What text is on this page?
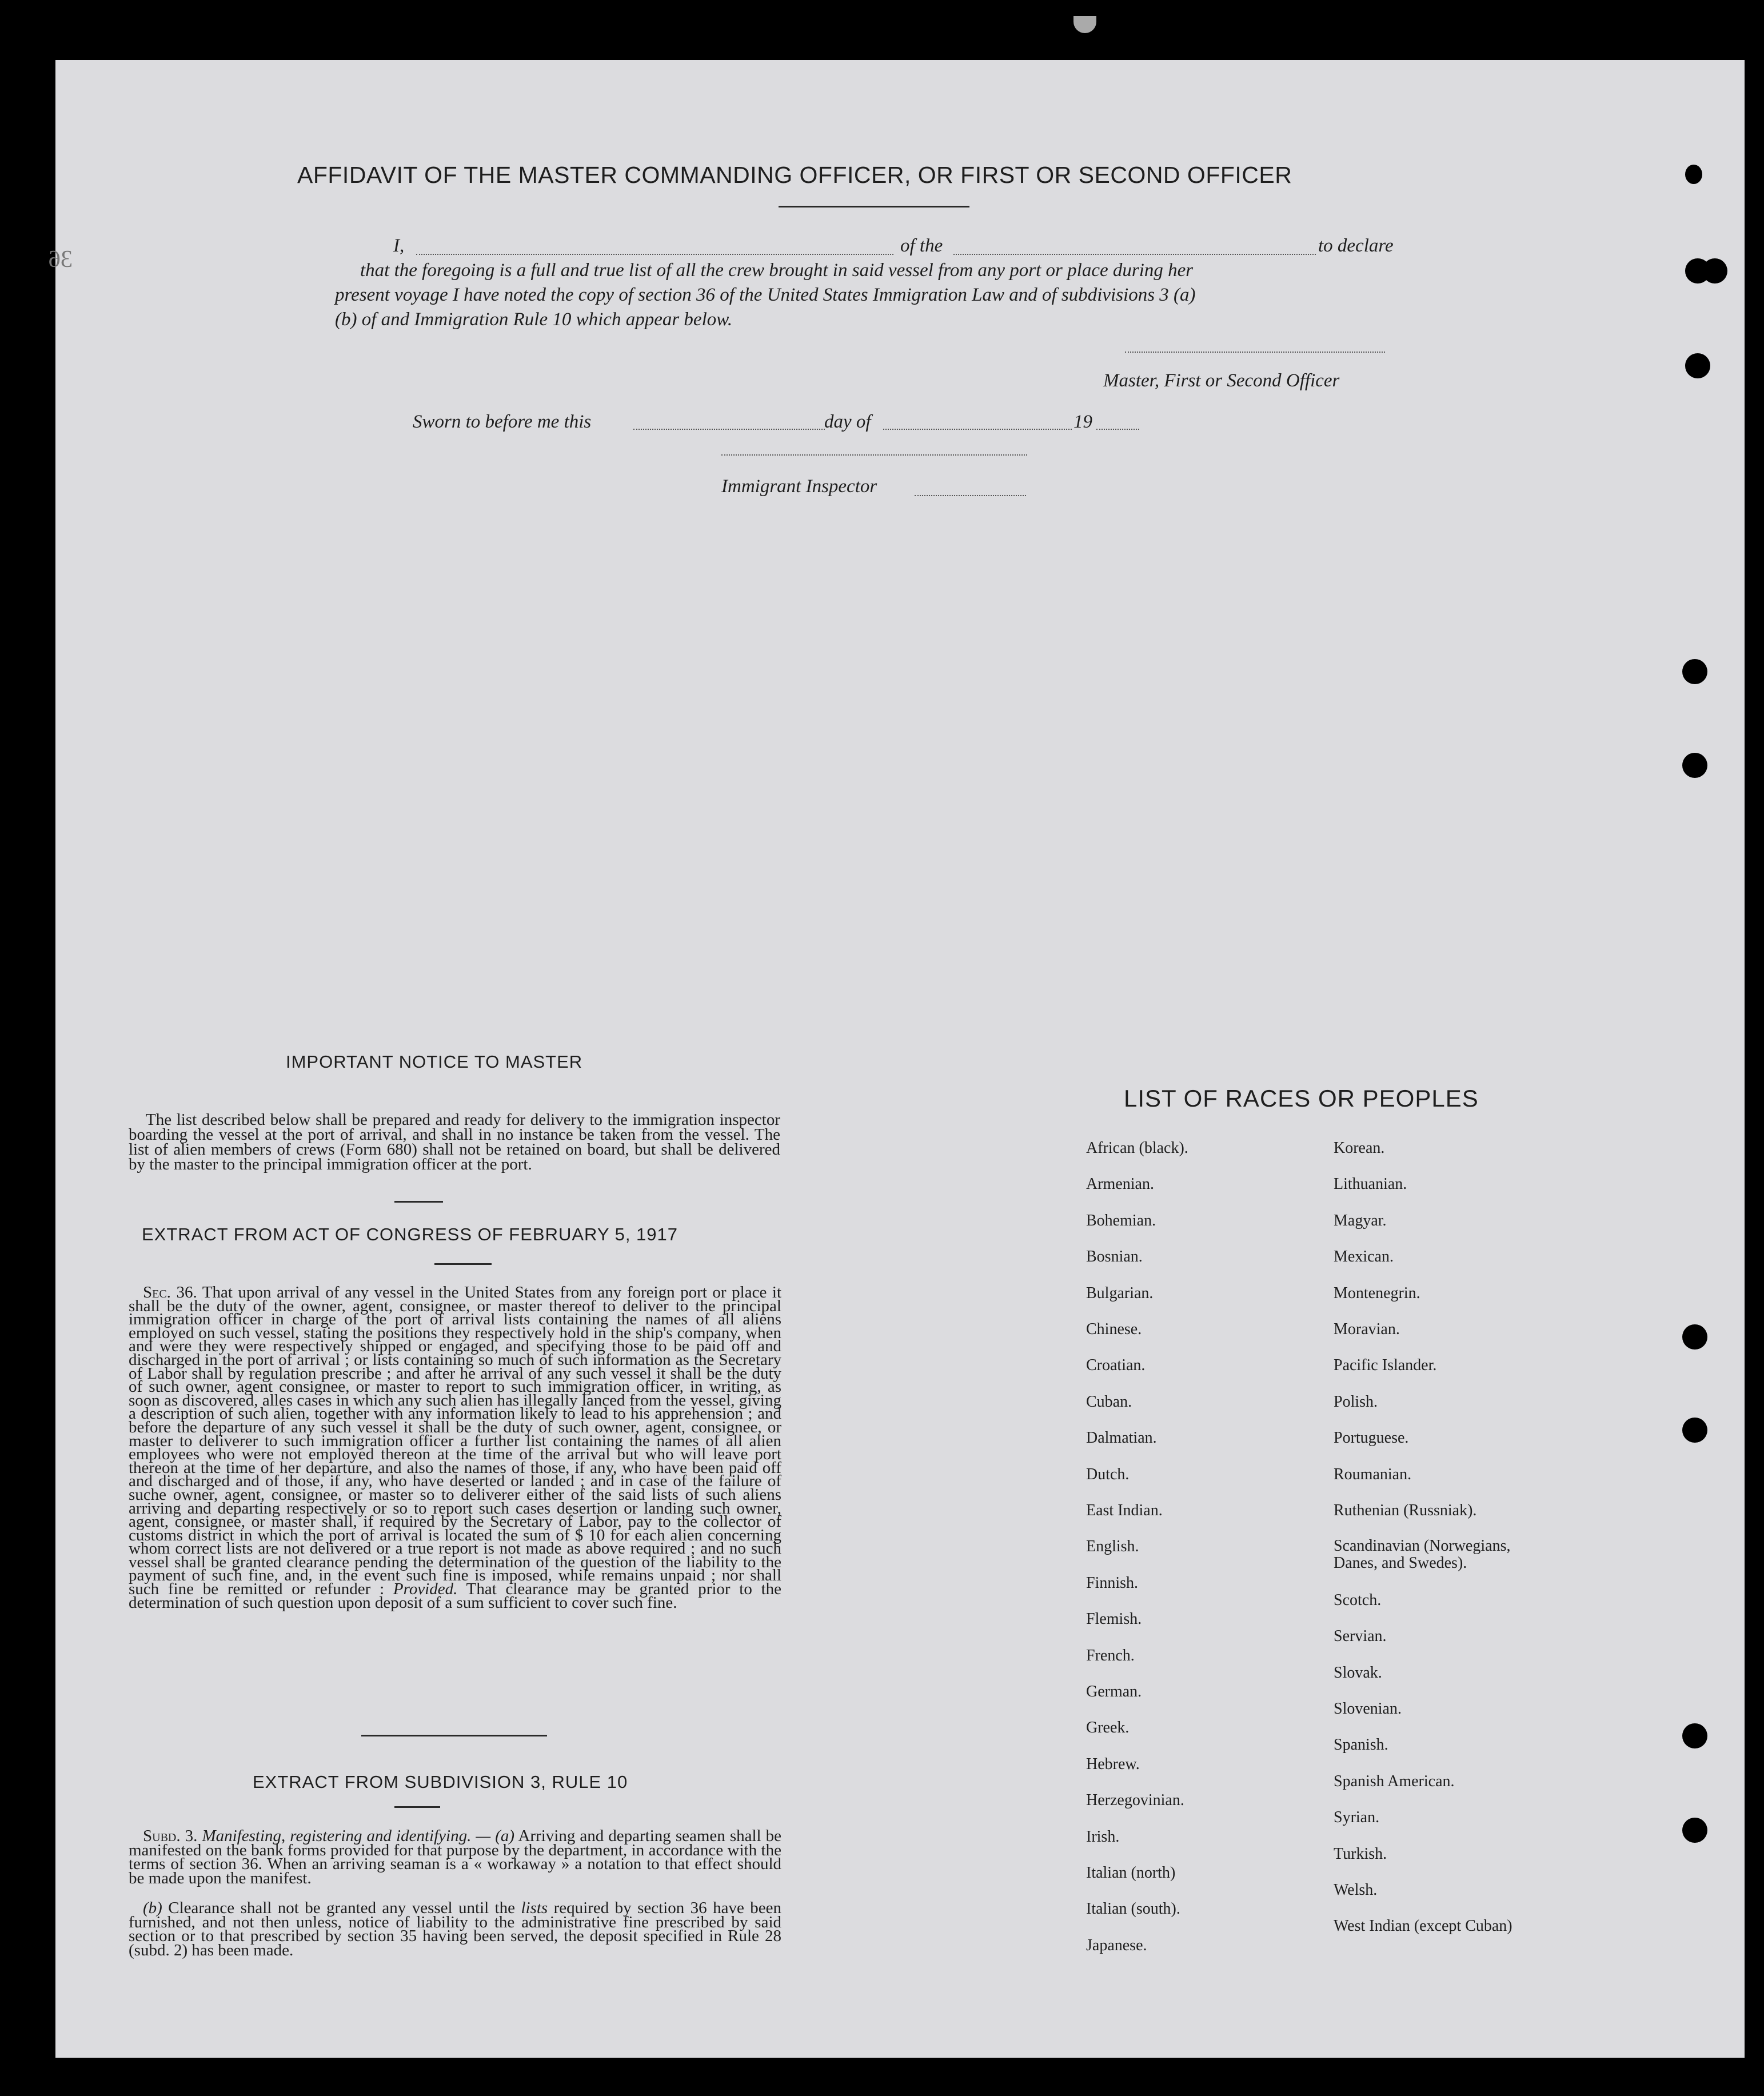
36
AFFIDAVIT OF THE MASTER COMMANDING OFFICER, OR FIRST OR SECOND OFFICER
I,	of the	to declare
that the foregoing is a full and true list of all the crew brought in said vessel from any port or place during her
present voyage I have noted the copy of section 36 of the United States Immigration Law and of subdivisions 3 (a)
(b) of and Immigration Rule 10 which appear below.
Master, First or Second Officer
Sworn to before me this	day of	19
Immigrant Inspector
IMPORTANT NOTICE TO MASTER
The list described below shall be prepared and ready for delivery to the immigration inspector boarding the vessel at the port of arrival, and shall in no instance be taken from the vessel. The list of alien members of crews (Form 680) shall not be retained on board, but shall be delivered by the master to the principal immigration officer at the port.
EXTRACT FROM ACT OF CONGRESS OF FEBRUARY 5, 1917
Sec. 36. That upon arrival of any vessel in the United States from any foreign port or place it shall be the duty of the owner, agent, consignee, or master thereof to deliver to the principal immigration officer in charge of the port of arrival lists containing the names of all aliens employed on such vessel, stating the positions they respectively hold in the ship's company, when and were they were respectively shipped or engaged, and specifying those to be paid off and discharged in the port of arrival ; or lists containing so much of such information as the Secretary of Labor shall by regulation prescribe ; and after he arrival of any such vessel it shall be the duty of such owner, agent consignee, or master to report to such immigration officer, in writing, as soon as discovered, alles cases in which any such alien has illegally lanced from the vessel, giving a description of such alien, together with any information likely to lead to his apprehension ; and before the departure of any such vessel it shall be the duty of such owner, agent, consignee, or master to deliverer to such immigration officer a further list containing the names of all alien employees who were not employed thereon at the time of the arrival but who will leave port thereon at the time of her departure, and also the names of those, if any, who have been paid off and discharged and of those, if any, who have deserted or landed ; and in case of the failure of suche owner, agent, consignee, or master so to deliverer either of the said lists of such aliens arriving and departing respectively or so to report such cases desertion or landing such owner, agent, consignee, or master shall, if required by the Secretary of Labor, pay to the collector of customs district in which the port of arrival is located the sum of $ 10 for each alien concerning whom correct lists are not delivered or a true report is not made as above required ; and no such vessel shall be granted clearance pending the determination of the question of the liability to the payment of such fine, and, in the event such fine is imposed, while remains unpaid ; nor shall such fine be remitted or refunder : Provided. That clearance may be granted prior to the determination of such question upon deposit of a sum sufficient to cover such fine.
EXTRACT FROM SUBDIVISION 3, RULE 10
Subd. 3. Manifesting, registering and identifying. — (a) Arriving and departing seamen shall be manifested on the bank forms provided for that purpose by the department, in accordance with the terms of section 36. When an arriving seaman is a « workaway » a notation to that effect should be made upon the manifest.
(b) Clearance shall not be granted any vessel until the lists required by section 36 have been furnished, and not then unless, notice of liability to the administrative fine prescribed by said section or to that prescribed by section 35 having been served, the deposit specified in Rule 28 (subd. 2) has been made.
LIST OF RACES OR PEOPLES
African (black).
Armenian.
Bohemian.
Bosnian.
Bulgarian.
Chinese.
Croatian.
Cuban.
Dalmatian.
Dutch.
East Indian.
English.
Finnish.
Flemish.
French.
German.
Greek.
Hebrew.
Herzegovinian.
Irish.
Italian (north)
Italian (south).
Japanese.
Korean.
Lithuanian.
Magyar.
Mexican.
Montenegrin.
Moravian.
Pacific Islander.
Polish.
Portuguese.
Roumanian.
Ruthenian (Russniak).
Scandinavian (Norwegians, Danes, and Swedes).
Scotch.
Servian.
Slovak.
Slovenian.
Spanish.
Spanish American.
Syrian.
Turkish.
Welsh.
West Indian (except Cuban)
